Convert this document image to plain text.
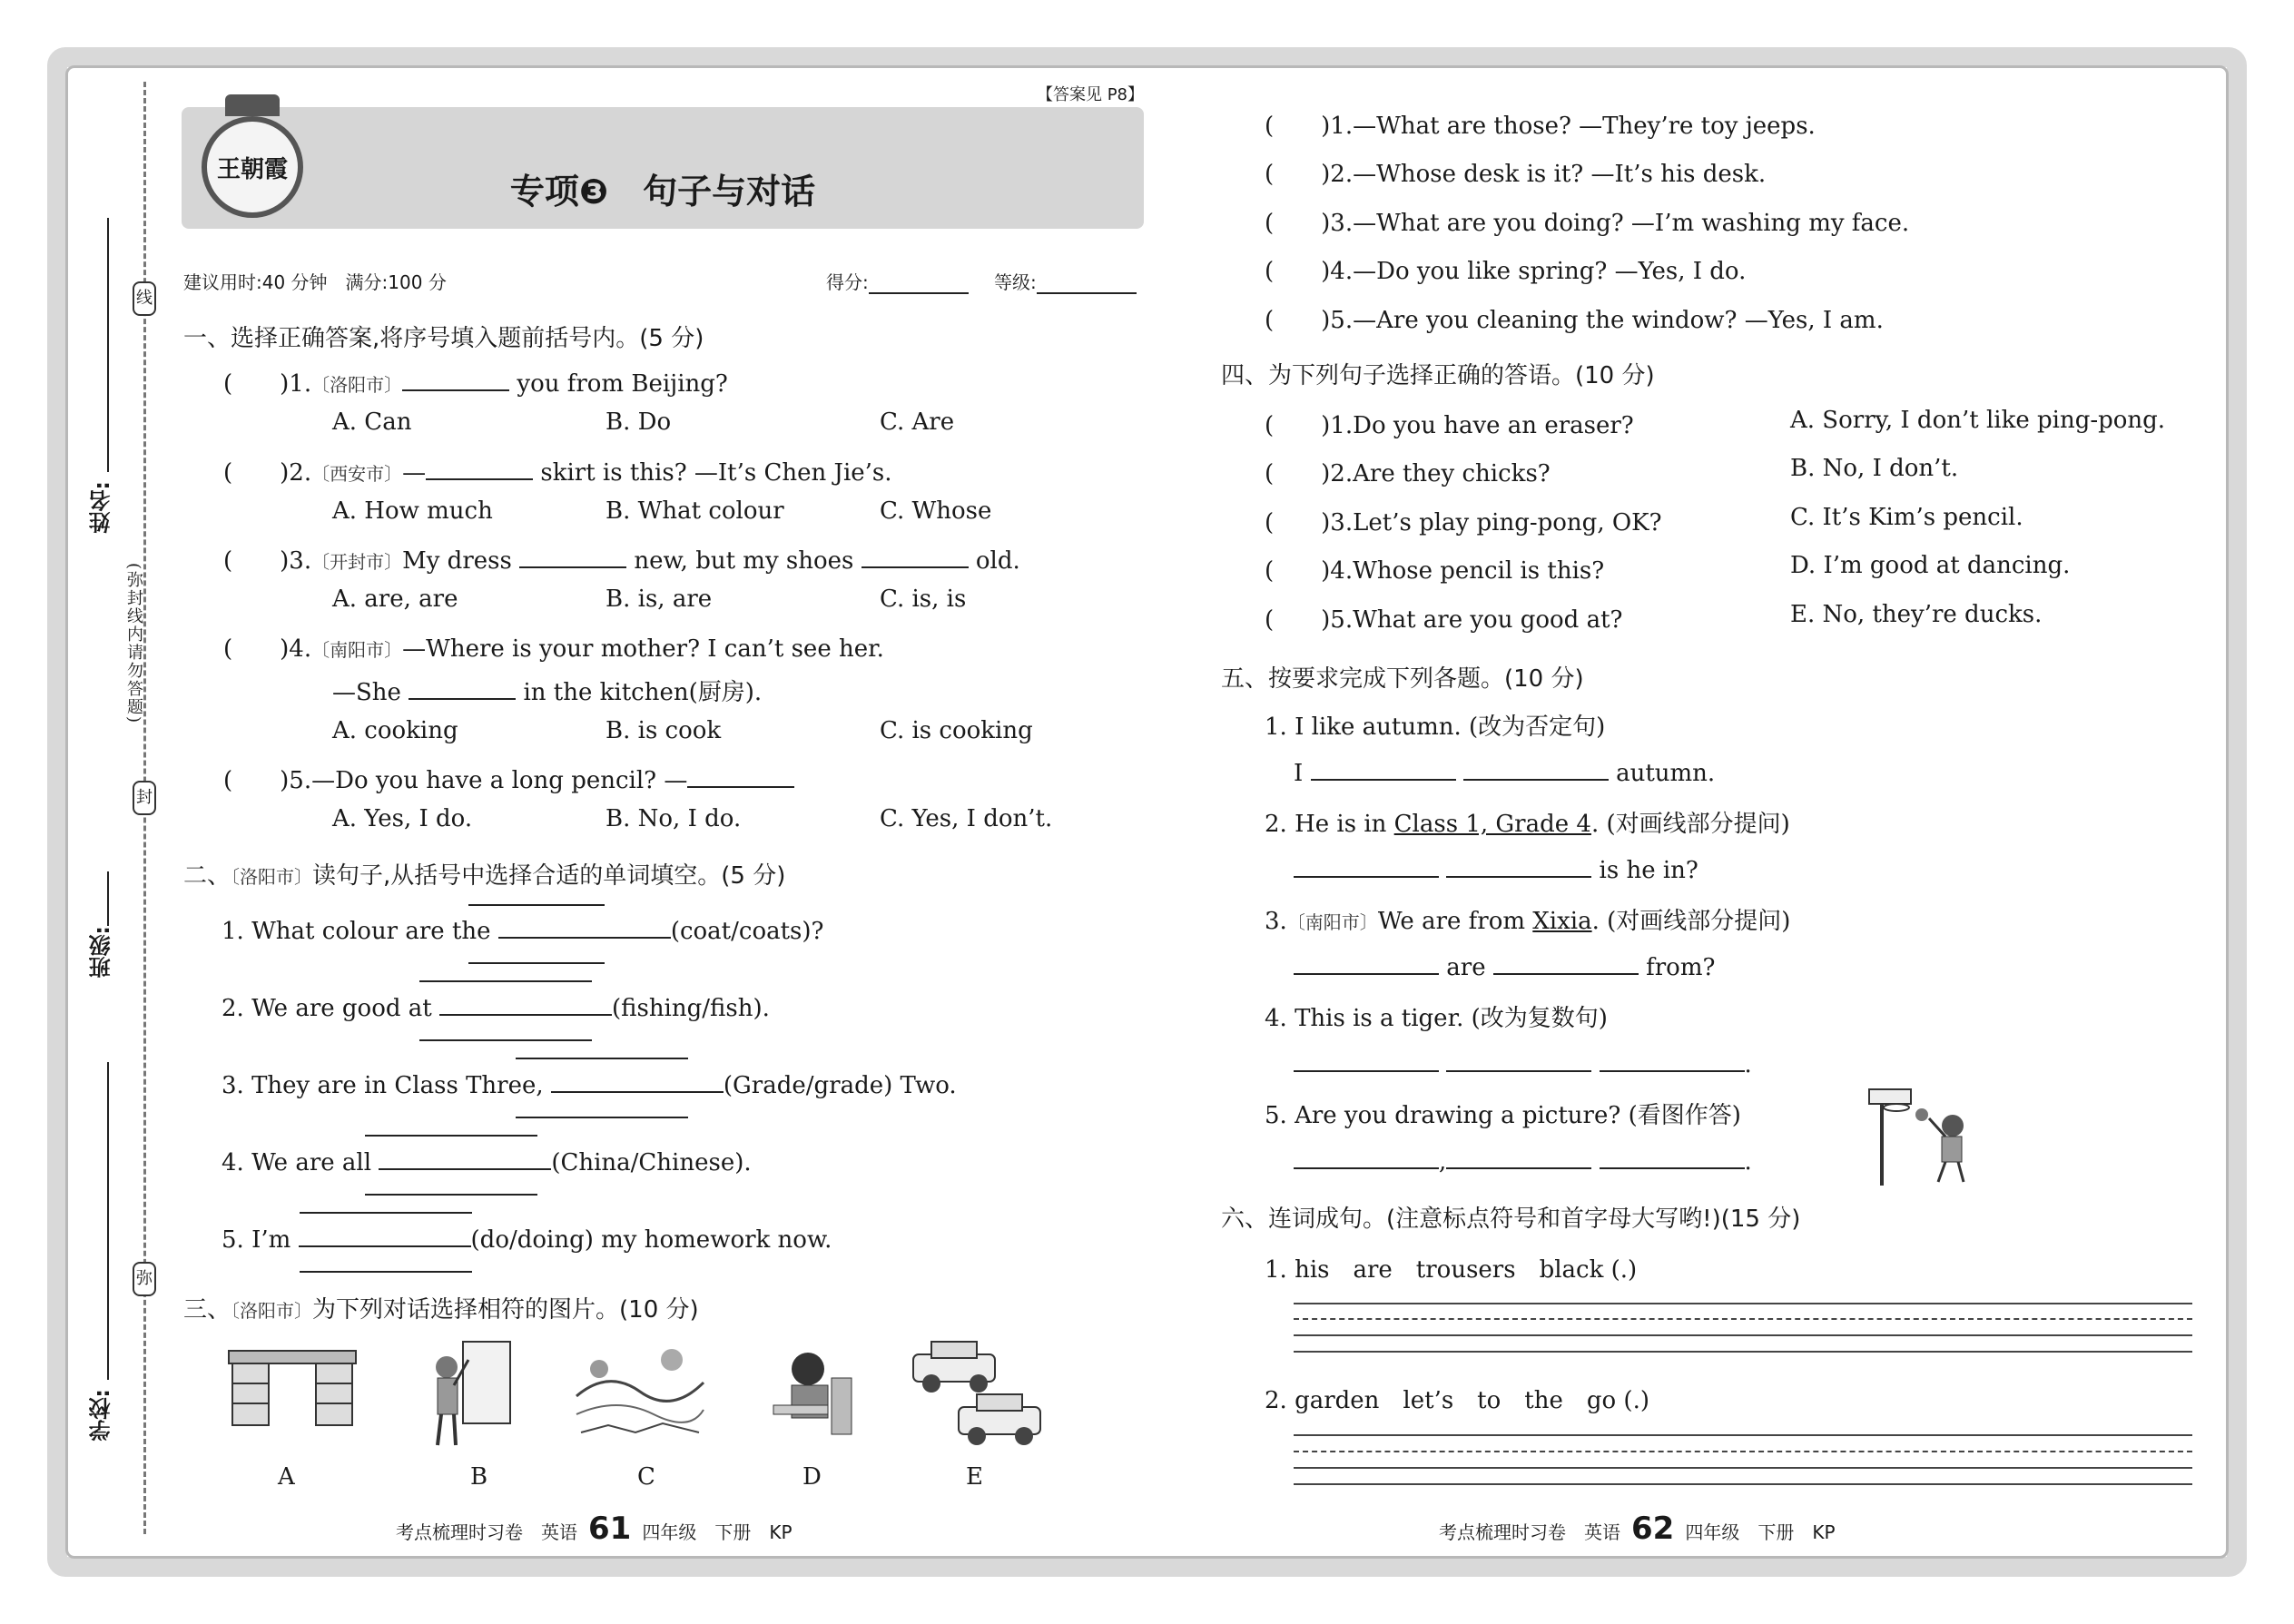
线
封
弥
(弥封线内请勿答题)
姓名:
班级:
学校:
王朝霞
专项❸　句子与对话
【答案见 P8】
建议用时:40 分钟　满分:100 分	得分:	等级:
一、选择正确答案,将序号填入题前括号内。(5 分)
(　　)1.〔洛阳市〕	you from Beijing?
A. Can	B. Do	C. Are
(　　)2.〔西安市〕—	skirt is this? —It’s Chen Jie’s.
A. How much	B. What colour	C. Whose
(　　)3.〔开封市〕My dress	new, but my shoes	old.
A. are, are	B. is, are	C. is, is
(　　)4.〔南阳市〕—Where is your mother? I can’t see her.
—She	in the kitchen(厨房).
A. cooking	B. is cook	C. is cooking
(　　)5.—Do you have a long pencil? —
A. Yes, I do.	B. No, I do.	C. Yes, I don’t.
二、〔洛阳市〕读句子,从括号中选择合适的单词填空。(5 分)
1. What colour are the	(coat/coats)?
2. We are good at	(fishing/fish).
3. They are in Class Three,	(Grade/grade) Two.
4. We are all	(China/Chinese).
5. I’m	(do/doing) my homework now.
三、〔洛阳市〕为下列对话选择相符的图片。(10 分)
A	B	C	D	E
考点梳理时习卷　英语 61 四年级　下册　KP
(　　)1.—What are those? —They’re toy jeeps.
(　　)2.—Whose desk is it? —It’s his desk.
(　　)3.—What are you doing? —I’m washing my face.
(　　)4.—Do you like spring? —Yes, I do.
(　　)5.—Are you cleaning the window? —Yes, I am.
四、为下列句子选择正确的答语。(10 分)
(　　)1.Do you have an eraser?	A. Sorry, I don’t like ping-pong.
(　　)2.Are they chicks?	B. No, I don’t.
(　　)3.Let’s play ping-pong, OK?	C. It’s Kim’s pencil.
(　　)4.Whose pencil is this?	D. I’m good at dancing.
(　　)5.What are you good at?	E. No, they’re ducks.
五、按要求完成下列各题。(10 分)
1. I like autumn. (改为否定句)
I	autumn.
2. He is in Class 1, Grade 4. (对画线部分提问)
is he in?
3.〔南阳市〕We are from Xixia. (对画线部分提问)
are	from?
4. This is a tiger. (改为复数句)
.
5. Are you drawing a picture? (看图作答)
,	.
六、连词成句。(注意标点符号和首字母大写哟!)(15 分)
1. his　are　trousers　black (.)
2. garden　let’s　to　the　go (.)
考点梳理时习卷　英语 62 四年级　下册　KP
